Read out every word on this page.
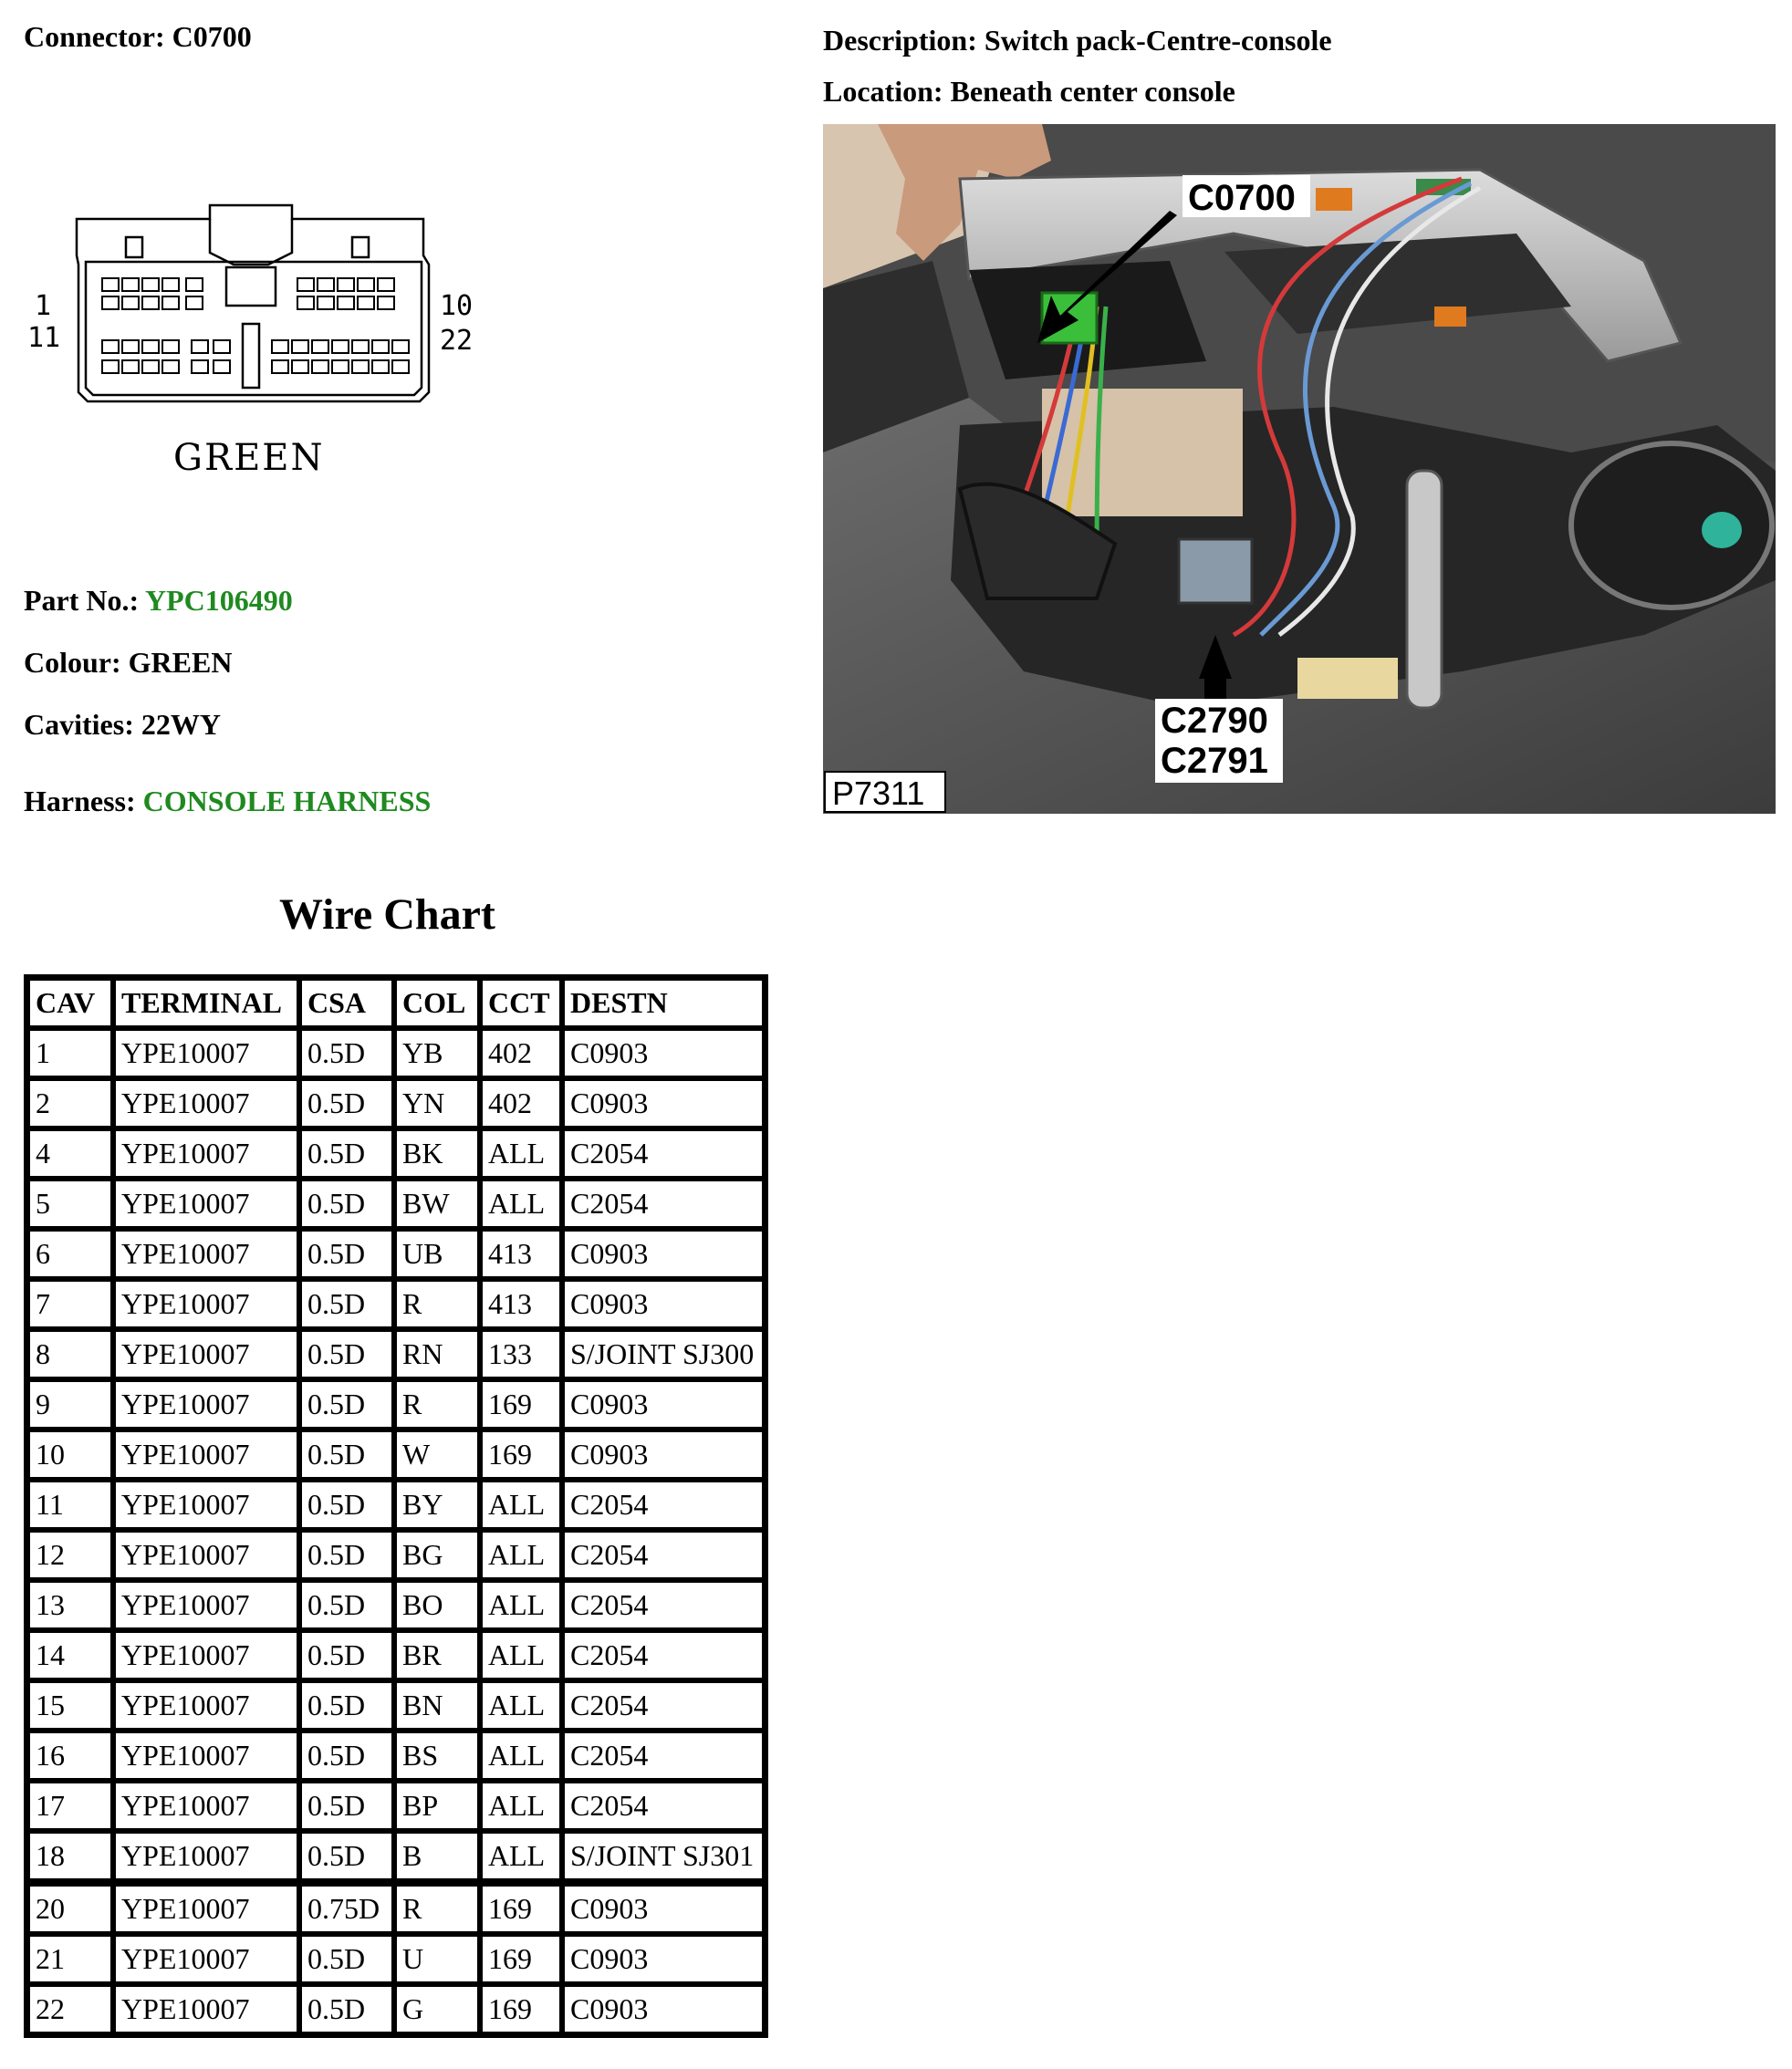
Connector: C0700	Description: Switch pack-Centre-console
Location: Beneath center console
1
11
10
22
GREEN
Part No.: YPC106490
Colour: GREEN
Cavities: 22WY
Harness: CONSOLE HARNESS
C0700
C2790
C2791
P7311
Wire Chart
CAV	TERMINAL	CSA	COL	CCT	DESTN
1	YPE10007	0.5D	YB	402	C0903
2	YPE10007	0.5D	YN	402	C0903
4	YPE10007	0.5D	BK	ALL	C2054
5	YPE10007	0.5D	BW	ALL	C2054
6	YPE10007	0.5D	UB	413	C0903
7	YPE10007	0.5D	R	413	C0903
8	YPE10007	0.5D	RN	133	S/JOINT SJ300
9	YPE10007	0.5D	R	169	C0903
10	YPE10007	0.5D	W	169	C0903
11	YPE10007	0.5D	BY	ALL	C2054
12	YPE10007	0.5D	BG	ALL	C2054
13	YPE10007	0.5D	BO	ALL	C2054
14	YPE10007	0.5D	BR	ALL	C2054
15	YPE10007	0.5D	BN	ALL	C2054
16	YPE10007	0.5D	BS	ALL	C2054
17	YPE10007	0.5D	BP	ALL	C2054
18	YPE10007	0.5D	B	ALL	S/JOINT SJ301
20	YPE10007	0.75D	R	169	C0903
21	YPE10007	0.5D	U	169	C0903
22	YPE10007	0.5D	G	169	C0903
